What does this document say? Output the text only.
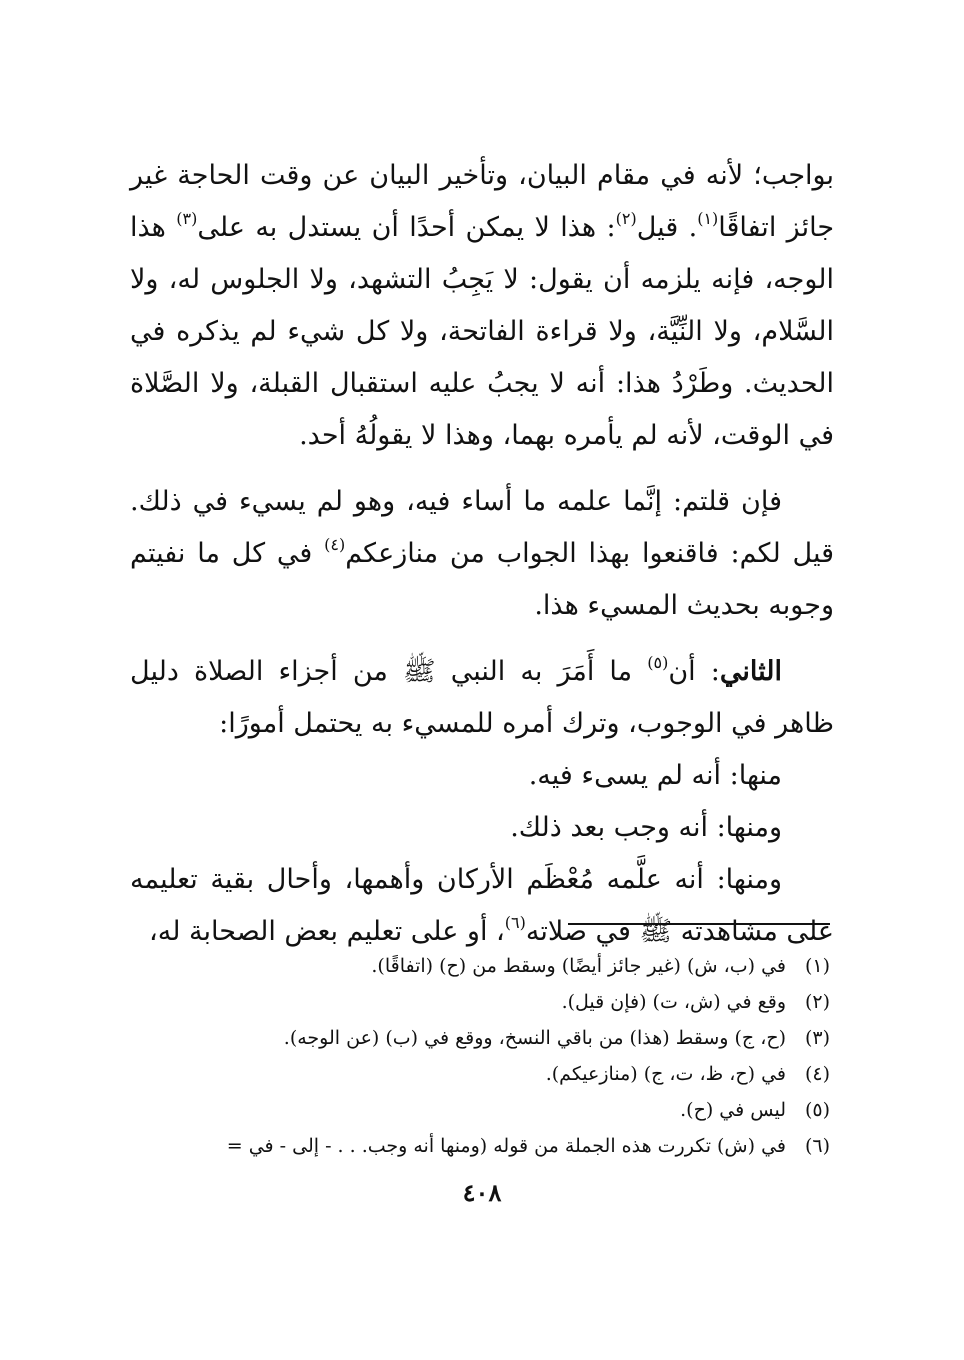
بواجب؛ لأنه في مقام البيان، وتأخير البيان عن وقت الحاجة غير جائز اتفاقًا$^{(١)}$. قيل$^{(٢)}$: هذا لا يمكن أحدًا أن يستدل به على$^{(٣)}$ هذا الوجه، فإنه يلزمه أن يقول: لا يَجِبُ التشهد، ولا الجلوس له، ولا السَّلام، ولا النِّيَّة، ولا قراءة الفاتحة، ولا كل شيء لم يذكره في الحديث. وطَرْدُ هذا: أنه لا يجبُ عليه استقبال القبلة، ولا الصَّلاة في الوقت، لأنه لم يأمره بهما، وهذا لا يقولُهُ أحد.

فإن قلتم: إنَّما علمه ما أساء فيه، وهو لم يسيء في ذلك. قيل لكم: فاقنعوا بهذا الجواب من منازعكم$^{(٤)}$ في كل ما نفيتم وجوبه بحديث المسيء هذا.

الثاني: أن$^{(٥)}$ ما أَمَرَ به النبي ﷺ من أجزاء الصلاة دليل ظاهر في الوجوب، وترك أمره للمسيء به يحتمل أمورًا:

منها: أنه لم يسىء فيه.

ومنها: أنه وجب بعد ذلك.

ومنها: أنه علَّمه مُعْظَم الأركان وأهمها، وأحال بقية تعليمه على مشاهدته ﷺ في صلاته$^{(٦)}$، أو على تعليم بعض الصحابة له،

(١)
في (ب، ش) (غير جائز أيضًا) وسقط من (ح) (اتفاقًا).
(٢)
وقع في (ش، ت) (فإن قيل).
(٣)
(ح، ج) وسقط (هذا) من باقي النسخ، ووقع في (ب) (عن الوجه).
(٤)
في (ح، ظ، ت، ج) (منازعيكم).
(٥)
ليس في (ح).
(٦)
في (ش) تكررت هذه الجملة من قوله (ومنها أنه وجب. . . - إلى - في =
٤٠٨
